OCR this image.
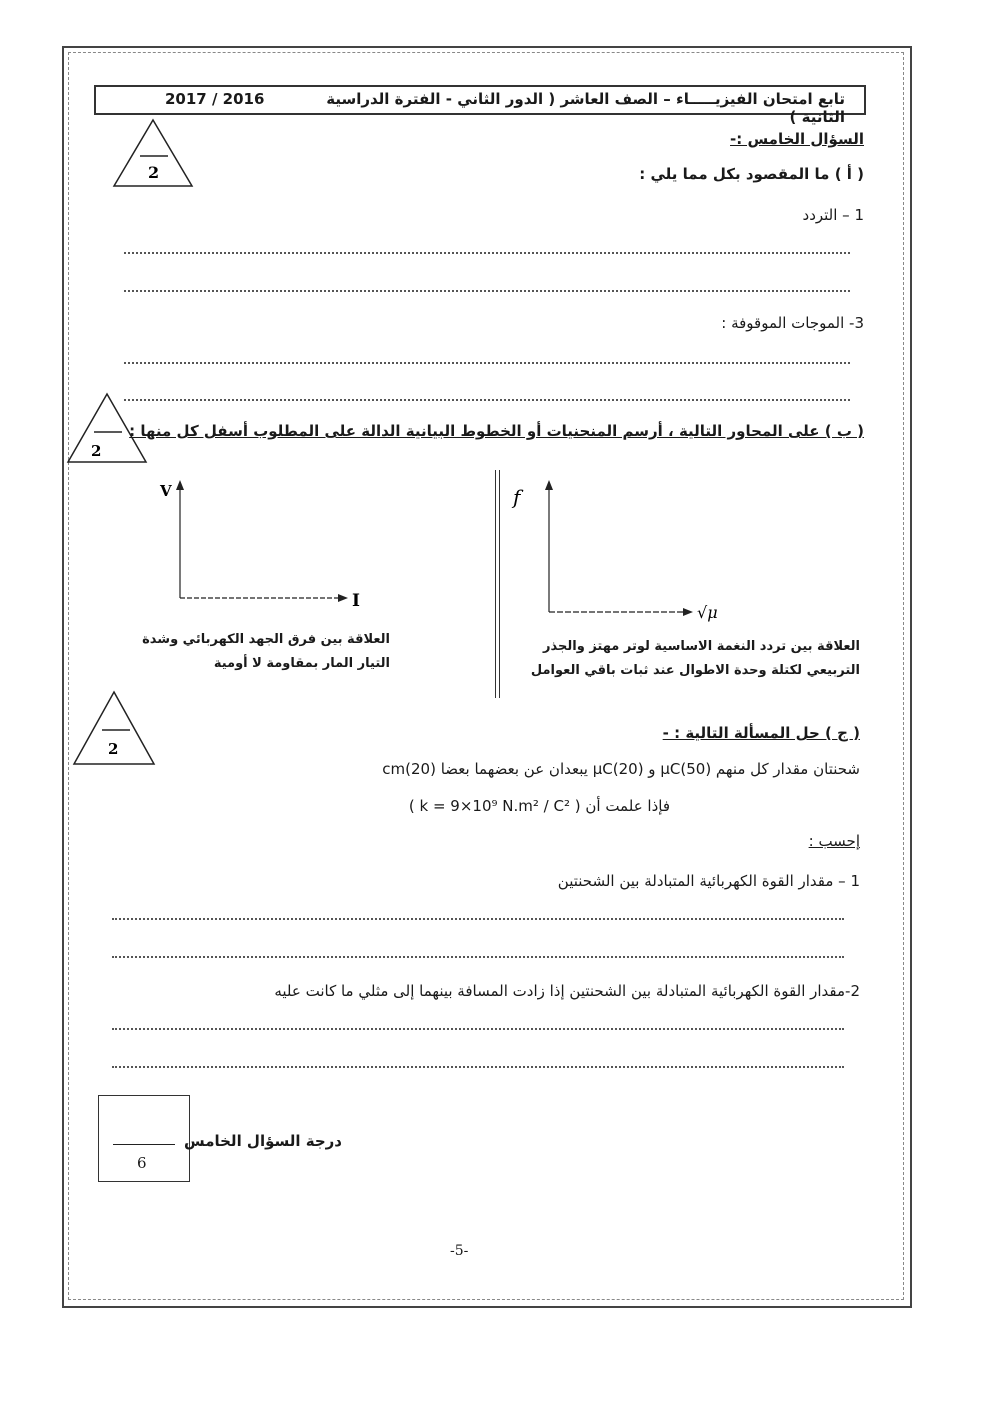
تابع امتحان الفيزيـــــاء – الصف العاشر ( الدور الثاني - الفترة الدراسية الثانية )
2017 / 2016
السؤال الخامس :-
2	( أ ) ما المقصود بكل مما يلي :
1 – التردد
3- الموجات الموقوفة :
2
( ب ) على المحاور التالية ، أرسم المنحنيات أو الخطوط البيانية الدالة على المطلوب أسفل كل منها :
V
I
العلاقة بين فرق الجهد الكهربائي وشدة
التيار المار بمقاومة لا أومية
f
√μ
العلاقة بين تردد النغمة الاساسية لوتر مهتز والجذر
التربيعي لكتلة وحدة الاطوال عند ثبات باقي العوامل
2
( ج ) حل المسألة التالية : -
شحنتان مقدار كل منهم (50)μC و (20)μC يبعدان عن بعضهما بعضا (20)cm
فإذا علمت أن ( k = 9×10⁹ N.m² / C² )
إحسب :
1 – مقدار القوة الكهربائية المتبادلة بين الشحنتين
2-مقدار القوة الكهربائية المتبادلة بين الشحنتين إذا زادت المسافة بينهما إلى مثلي ما كانت عليه
6
درجة السؤال الخامس
-5-
